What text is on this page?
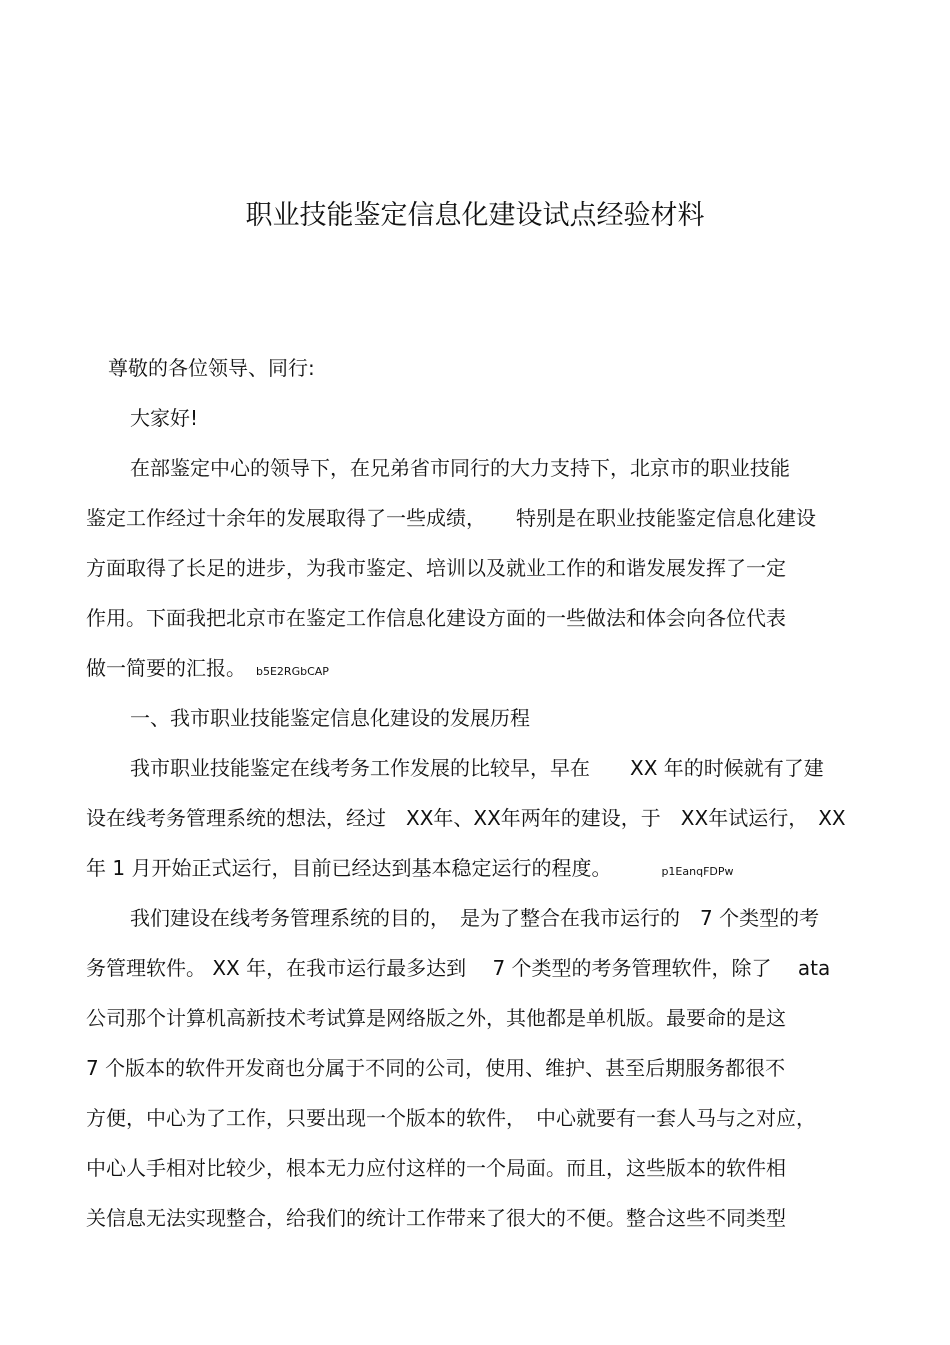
职业技能鉴定信息化建设试点经验材料
尊敬的各位领导、同行:
大家好!
在部鉴定中心的领导下，在兄弟省市同行的大力支持下，北京市的职业技能
鉴定工作经过十余年的发展取得了一些成绩，　　特别是在职业技能鉴定信息化建设
方面取得了长足的进步，为我市鉴定、培训以及就业工作的和谐发展发挥了一定
作用。下面我把北京市在鉴定工作信息化建设方面的一些做法和体会向各位代表
做一简要的汇报。 b5E2RGbCAP
一、我市职业技能鉴定信息化建设的发展历程
我市职业技能鉴定在线考务工作发展的比较早，早在　　XX 年的时候就有了建
设在线考务管理系统的想法，经过　XX年、XX年两年的建设，于　XX年试运行，　XX
年 1 月开始正式运行，目前已经达到基本稳定运行的程度。	p1EanqFDPw
我们建设在线考务管理系统的目的，　是为了整合在我市运行的　7 个类型的考
务管理软件。 XX 年，在我市运行最多达到　 7 个类型的考务管理软件，除了　 ata
公司那个计算机高新技术考试算是网络版之外，其他都是单机版。最要命的是这
7 个版本的软件开发商也分属于不同的公司，使用、维护、甚至后期服务都很不
方便，中心为了工作，只要出现一个版本的软件，　中心就要有一套人马与之对应，
中心人手相对比较少，根本无力应付这样的一个局面。而且，这些版本的软件相
关信息无法实现整合，给我们的统计工作带来了很大的不便。整合这些不同类型
